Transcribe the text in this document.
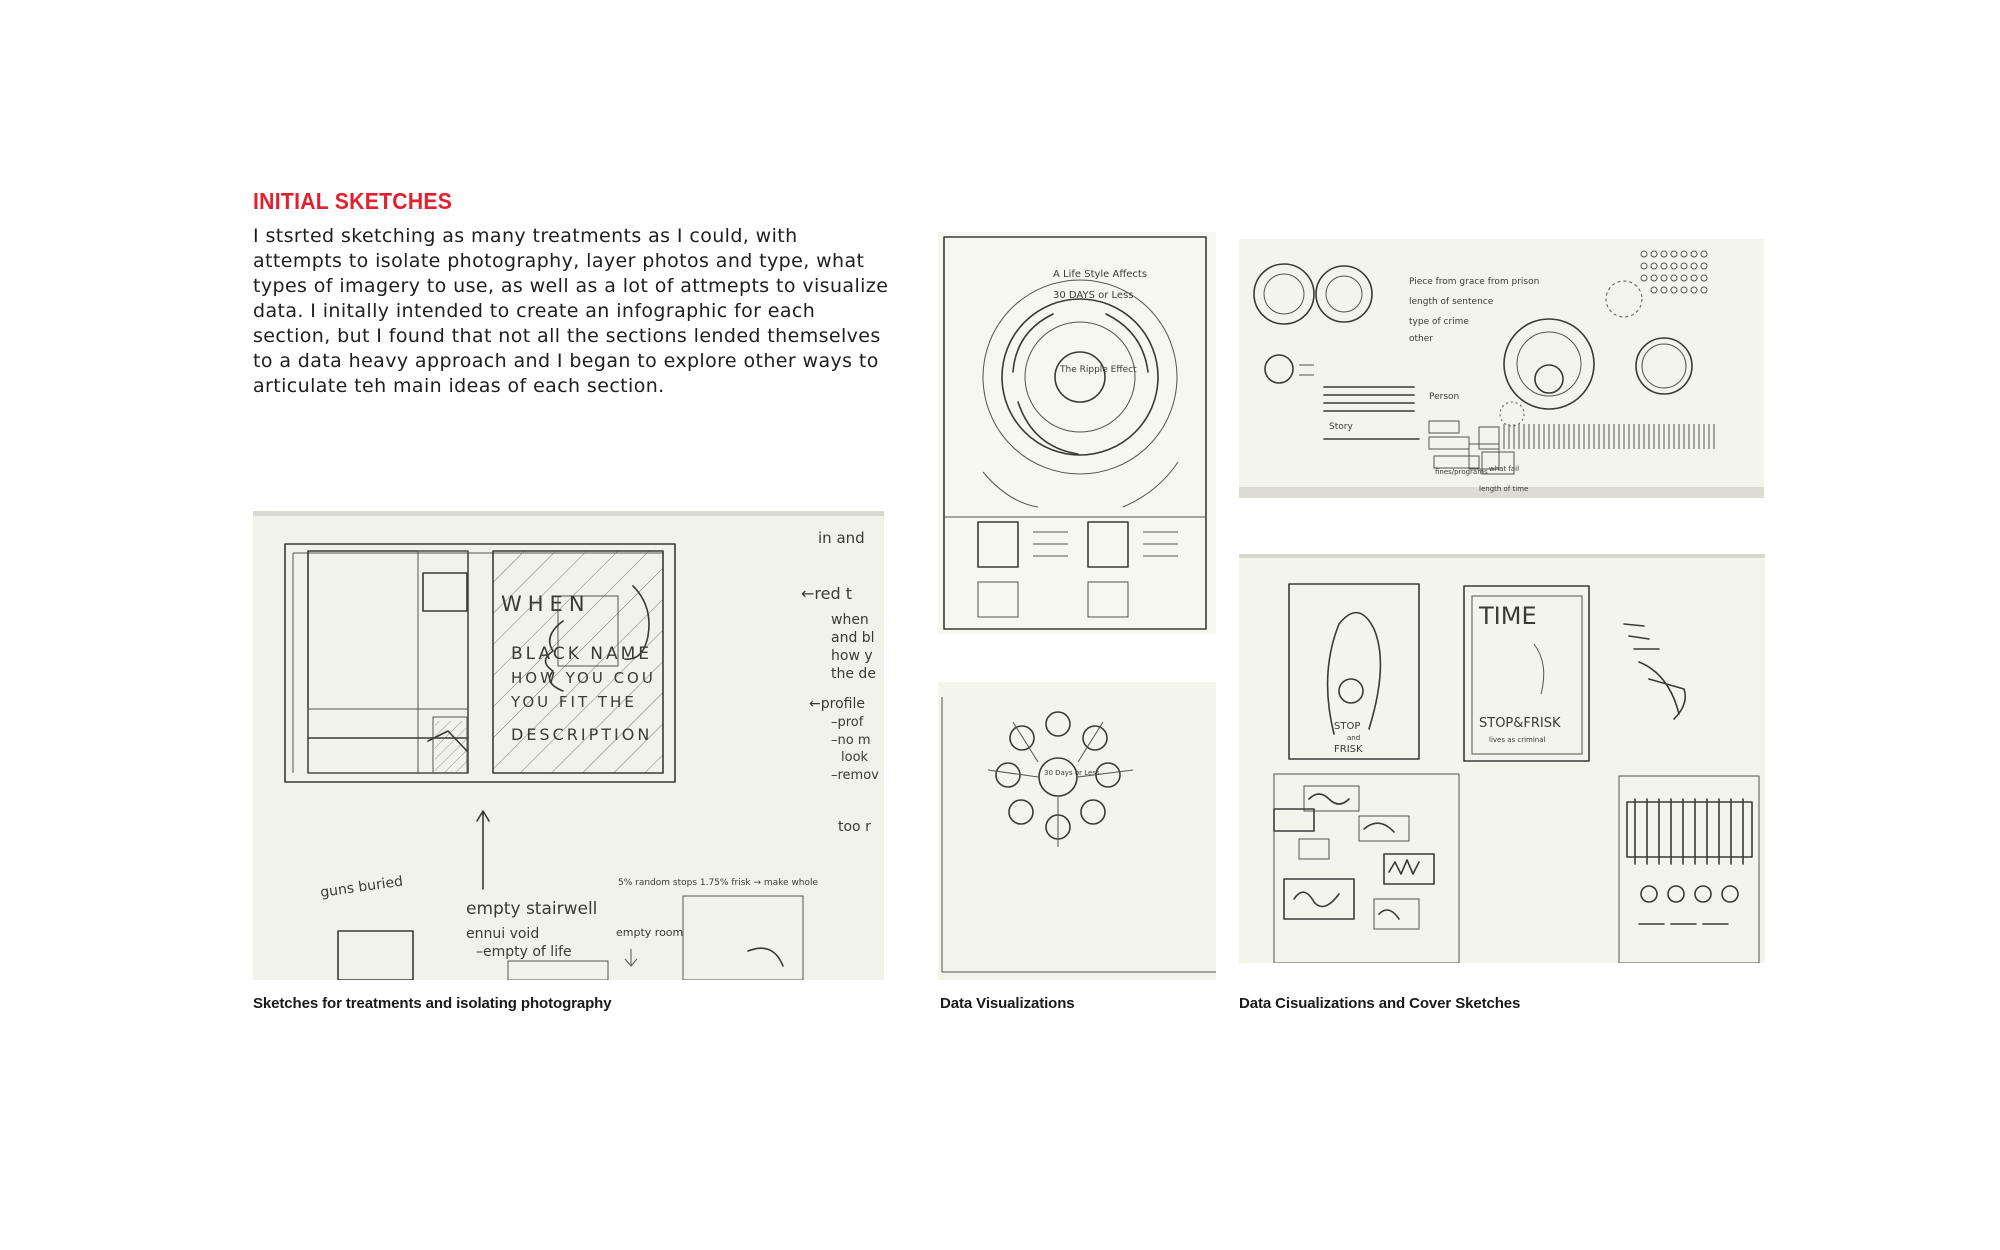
INITIAL SKETCHES

I stsrted sketching as many treatments as I could, with attempts to isolate photography, layer photos and type, what types of imagery to use, as well as a lot of attmepts to visualize data. I initally intended to create an infographic for each section, but I found that not all the sections lended themselves to a data heavy approach and I began to explore other ways to articulate teh main ideas of each section.

WHEN
BLACK NAME
HOW YOU COU
YOU FIT THE
DESCRIPTION
in and
←red t
when
and bl
how y
the de
←profile
–prof
–no m
look
–remov
too r
5% random stops 1.75% frisk → make whole
guns buried
empty stairwell
ennui void
–empty of life
empty room

Sketches for treatments and isolating photography

A Life Style Affects
30 DAYS or Less
The Ripple Effect
Piece from grace from prison
length of sentence
type of crime
other
Person
Story
fines/programs what fail
length of time
30 Days or Less

Data Visualizations

STOP
and
FRISK
TIME
STOP&FRISK
lives as criminal

Data Cisualizations and Cover Sketches
